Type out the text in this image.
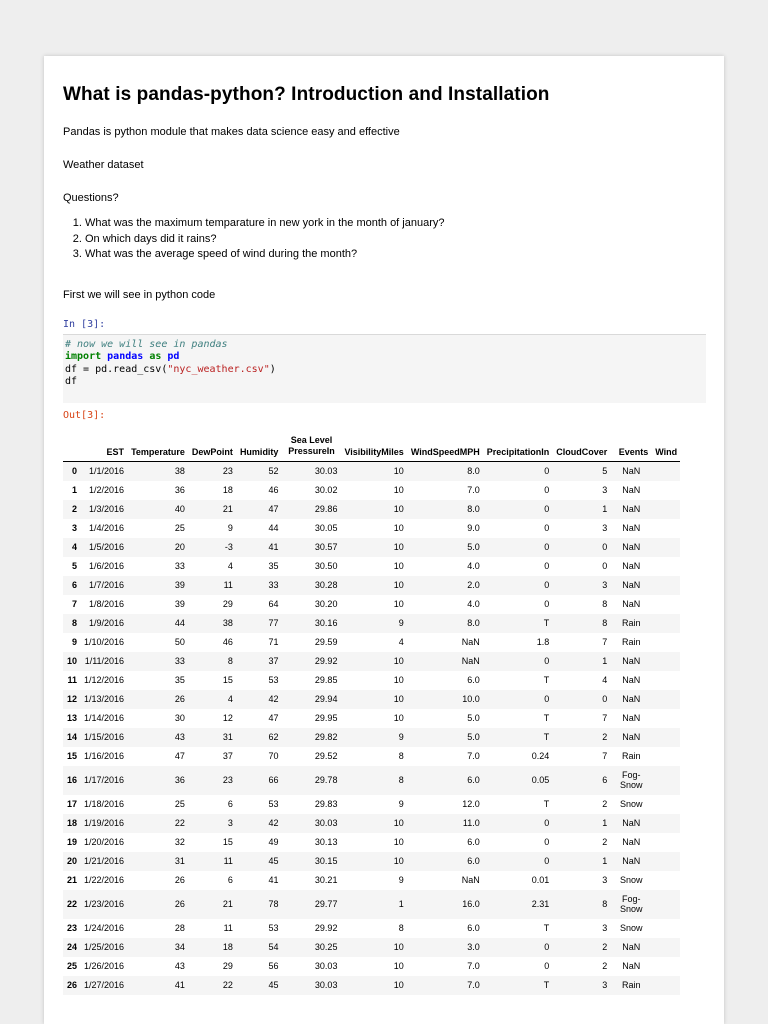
What is pandas-python? Introduction and Installation

Pandas is python module that makes data science easy and effective

Weather dataset

Questions?

1. What was the maximum temparature in new york in the month of january?
2. On which days did it rains?
3. What was the average speed of wind during the month?

First we will see in python code

In [3]:
# now we will see in pandas
import pandas as pd
df = pd.read_csv("nyc_weather.csv")
df
Out[3]:
	EST	Temperature	DewPoint	Humidity	Sea Level PressureIn	VisibilityMiles	WindSpeedMPH	PrecipitationIn	CloudCover	Events	Wind
0	1/1/2016	38	23	52	30.03	10	8.0	0	5	NaN	
1	1/2/2016	36	18	46	30.02	10	7.0	0	3	NaN	
2	1/3/2016	40	21	47	29.86	10	8.0	0	1	NaN	
3	1/4/2016	25	9	44	30.05	10	9.0	0	3	NaN	
4	1/5/2016	20	-3	41	30.57	10	5.0	0	0	NaN	
5	1/6/2016	33	4	35	30.50	10	4.0	0	0	NaN	
6	1/7/2016	39	11	33	30.28	10	2.0	0	3	NaN	
7	1/8/2016	39	29	64	30.20	10	4.0	0	8	NaN	
8	1/9/2016	44	38	77	30.16	9	8.0	T	8	Rain	
9	1/10/2016	50	46	71	29.59	4	NaN	1.8	7	Rain	
10	1/11/2016	33	8	37	29.92	10	NaN	0	1	NaN	
11	1/12/2016	35	15	53	29.85	10	6.0	T	4	NaN	
12	1/13/2016	26	4	42	29.94	10	10.0	0	0	NaN	
13	1/14/2016	30	12	47	29.95	10	5.0	T	7	NaN	
14	1/15/2016	43	31	62	29.82	9	5.0	T	2	NaN	
15	1/16/2016	47	37	70	29.52	8	7.0	0.24	7	Rain	
16	1/17/2016	36	23	66	29.78	8	6.0	0.05	6	Fog-Snow	
17	1/18/2016	25	6	53	29.83	9	12.0	T	2	Snow	
18	1/19/2016	22	3	42	30.03	10	11.0	0	1	NaN	
19	1/20/2016	32	15	49	30.13	10	6.0	0	2	NaN	
20	1/21/2016	31	11	45	30.15	10	6.0	0	1	NaN	
21	1/22/2016	26	6	41	30.21	9	NaN	0.01	3	Snow	
22	1/23/2016	26	21	78	29.77	1	16.0	2.31	8	Fog-Snow	
23	1/24/2016	28	11	53	29.92	8	6.0	T	3	Snow	
24	1/25/2016	34	18	54	30.25	10	3.0	0	2	NaN	
25	1/26/2016	43	29	56	30.03	10	7.0	0	2	NaN	
26	1/27/2016	41	22	45	30.03	10	7.0	T	3	Rain	
